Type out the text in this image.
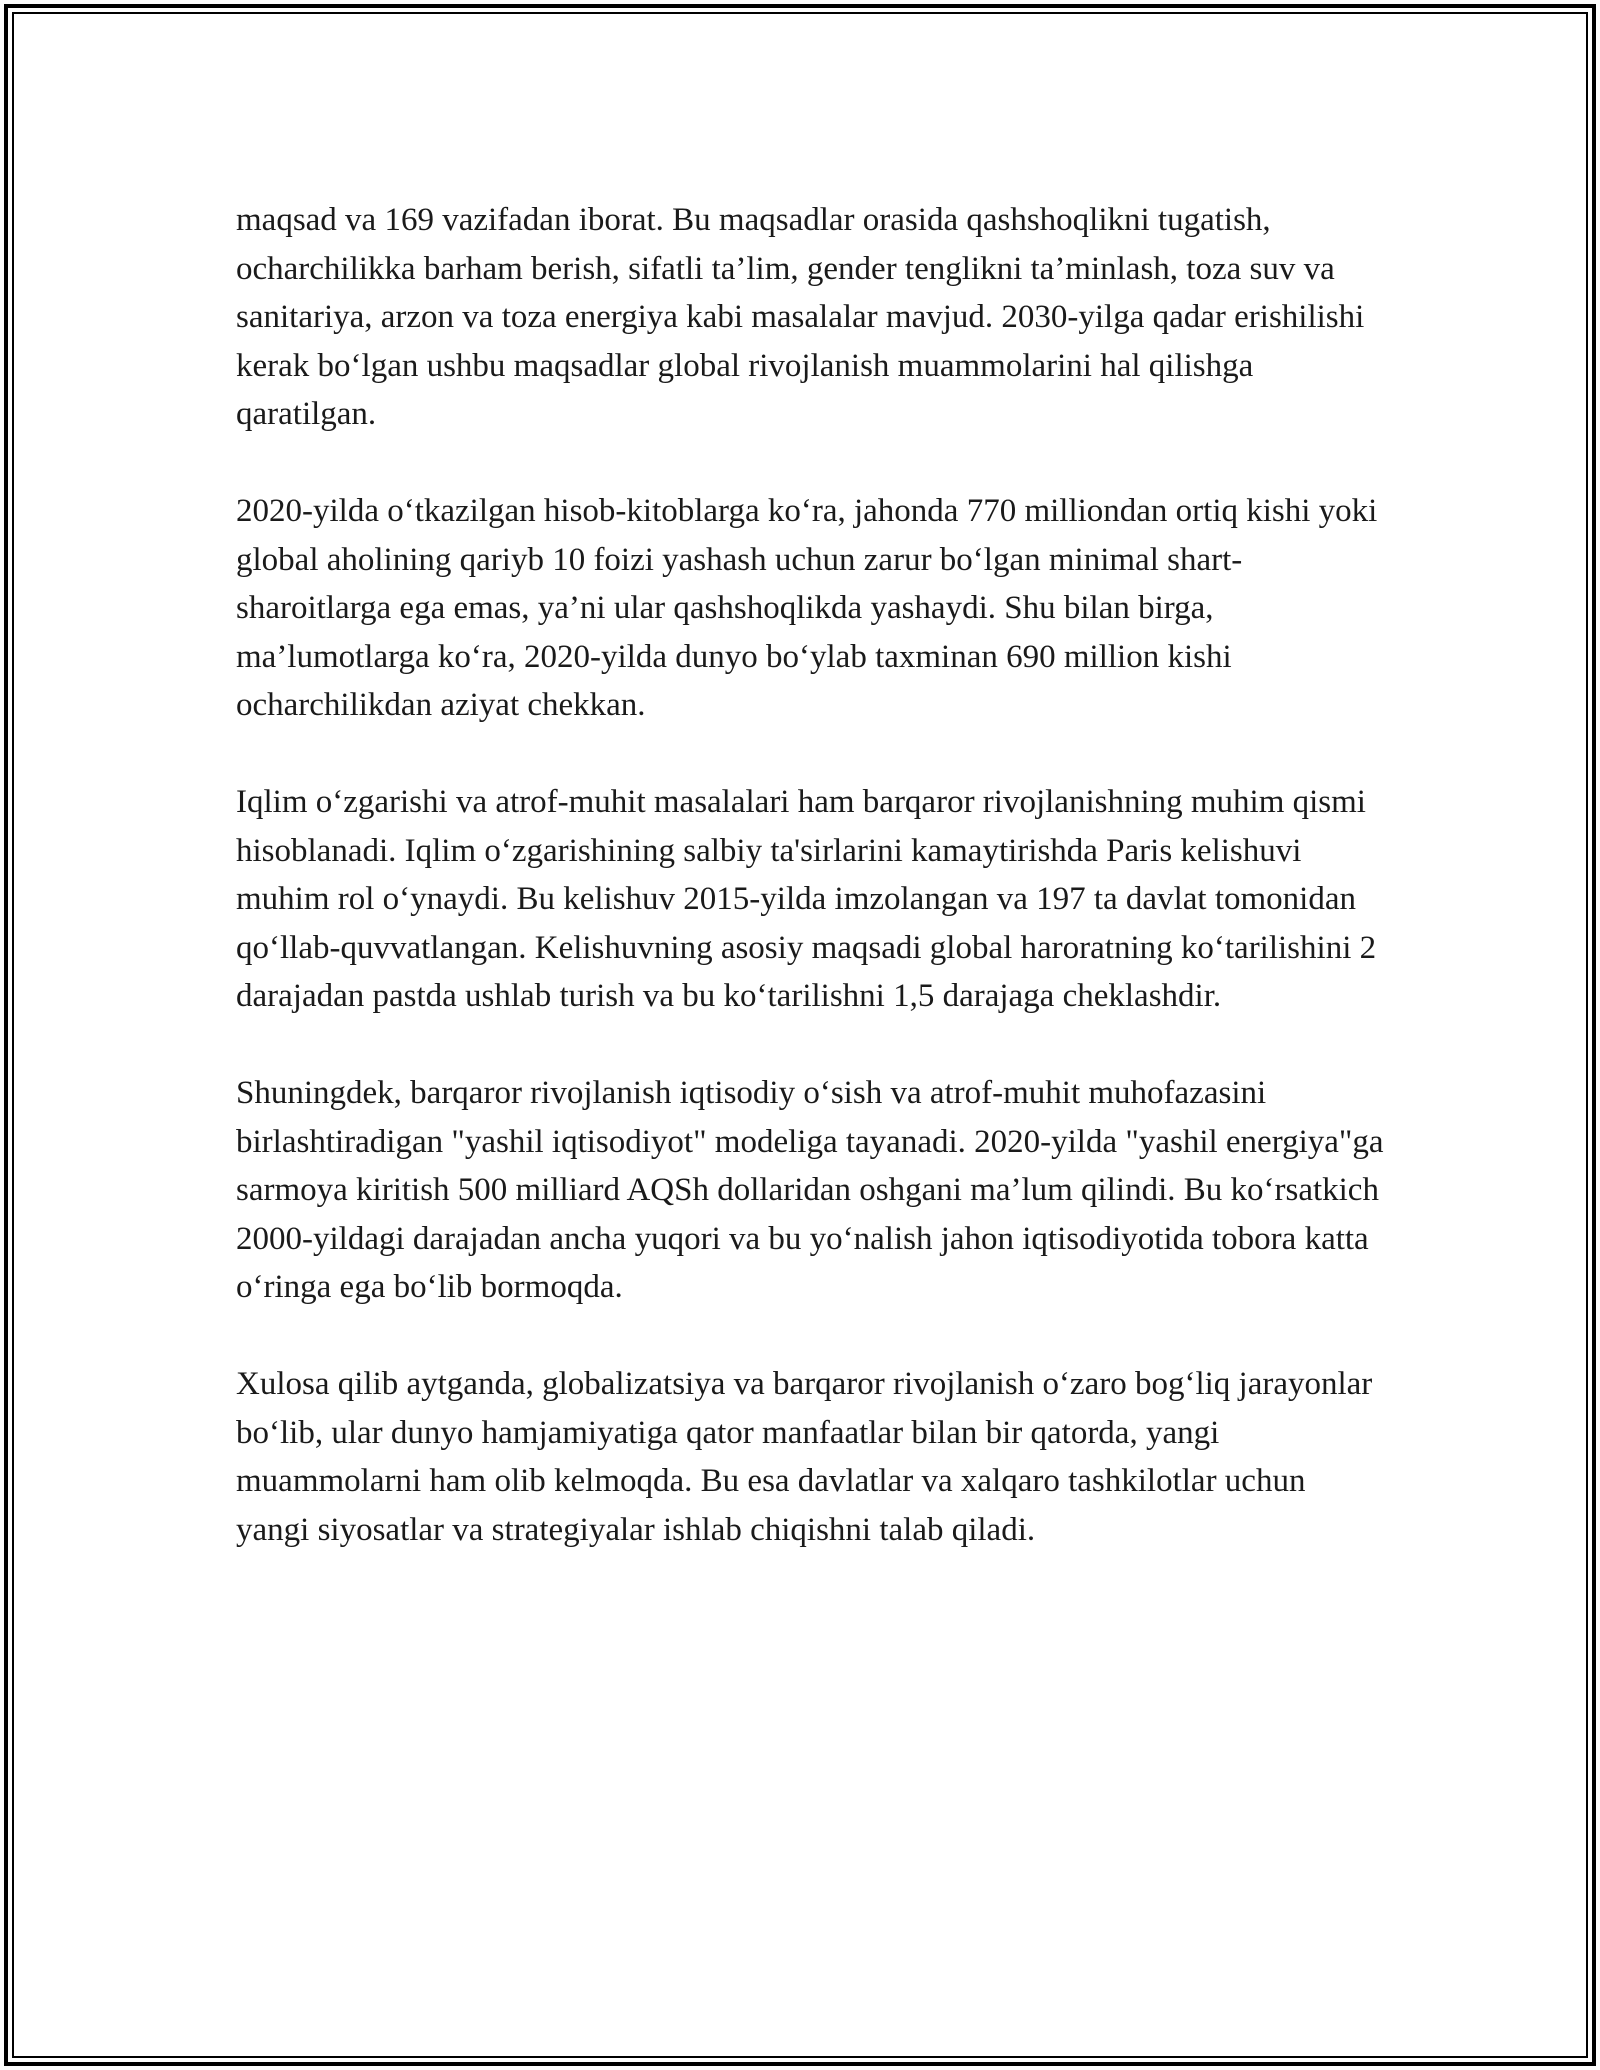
maqsad va 169 vazifadan iborat. Bu maqsadlar orasida qashshoqlikni tugatish, ocharchilikka barham berish, sifatli ta’lim, gender tenglikni ta’minlash, toza suv va sanitariya, arzon va toza energiya kabi masalalar mavjud. 2030-yilga qadar erishilishi kerak bo‘lgan ushbu maqsadlar global rivojlanish muammolarini hal qilishga qaratilgan.

2020-yilda o‘tkazilgan hisob-kitoblarga ko‘ra, jahonda 770 milliondan ortiq kishi yoki global aholining qariyb 10 foizi yashash uchun zarur bo‘lgan minimal shart-sharoitlarga ega emas, ya’ni ular qashshoqlikda yashaydi. Shu bilan birga, ma’lumotlarga ko‘ra, 2020-yilda dunyo bo‘ylab taxminan 690 million kishi ocharchilikdan aziyat chekkan.

Iqlim o‘zgarishi va atrof-muhit masalalari ham barqaror rivojlanishning muhim qismi hisoblanadi. Iqlim o‘zgarishining salbiy ta'sirlarini kamaytirishda Paris kelishuvi muhim rol o‘ynaydi. Bu kelishuv 2015-yilda imzolangan va 197 ta davlat tomonidan qo‘llab-quvvatlangan. Kelishuvning asosiy maqsadi global haroratning ko‘tarilishini 2 darajadan pastda ushlab turish va bu ko‘tarilishni 1,5 darajaga cheklashdir.

Shuningdek, barqaror rivojlanish iqtisodiy o‘sish va atrof-muhit muhofazasini birlashtiradigan "yashil iqtisodiyot" modeliga tayanadi. 2020-yilda "yashil energiya"ga sarmoya kiritish 500 milliard AQSh dollaridan oshgani ma’lum qilindi. Bu ko‘rsatkich 2000-yildagi darajadan ancha yuqori va bu yo‘nalish jahon iqtisodiyotida tobora katta o‘ringa ega bo‘lib bormoqda.

Xulosa qilib aytganda, globalizatsiya va barqaror rivojlanish o‘zaro bog‘liq jarayonlar bo‘lib, ular dunyo hamjamiyatiga qator manfaatlar bilan bir qatorda, yangi muammolarni ham olib kelmoqda. Bu esa davlatlar va xalqaro tashkilotlar uchun yangi siyosatlar va strategiyalar ishlab chiqishni talab qiladi.
